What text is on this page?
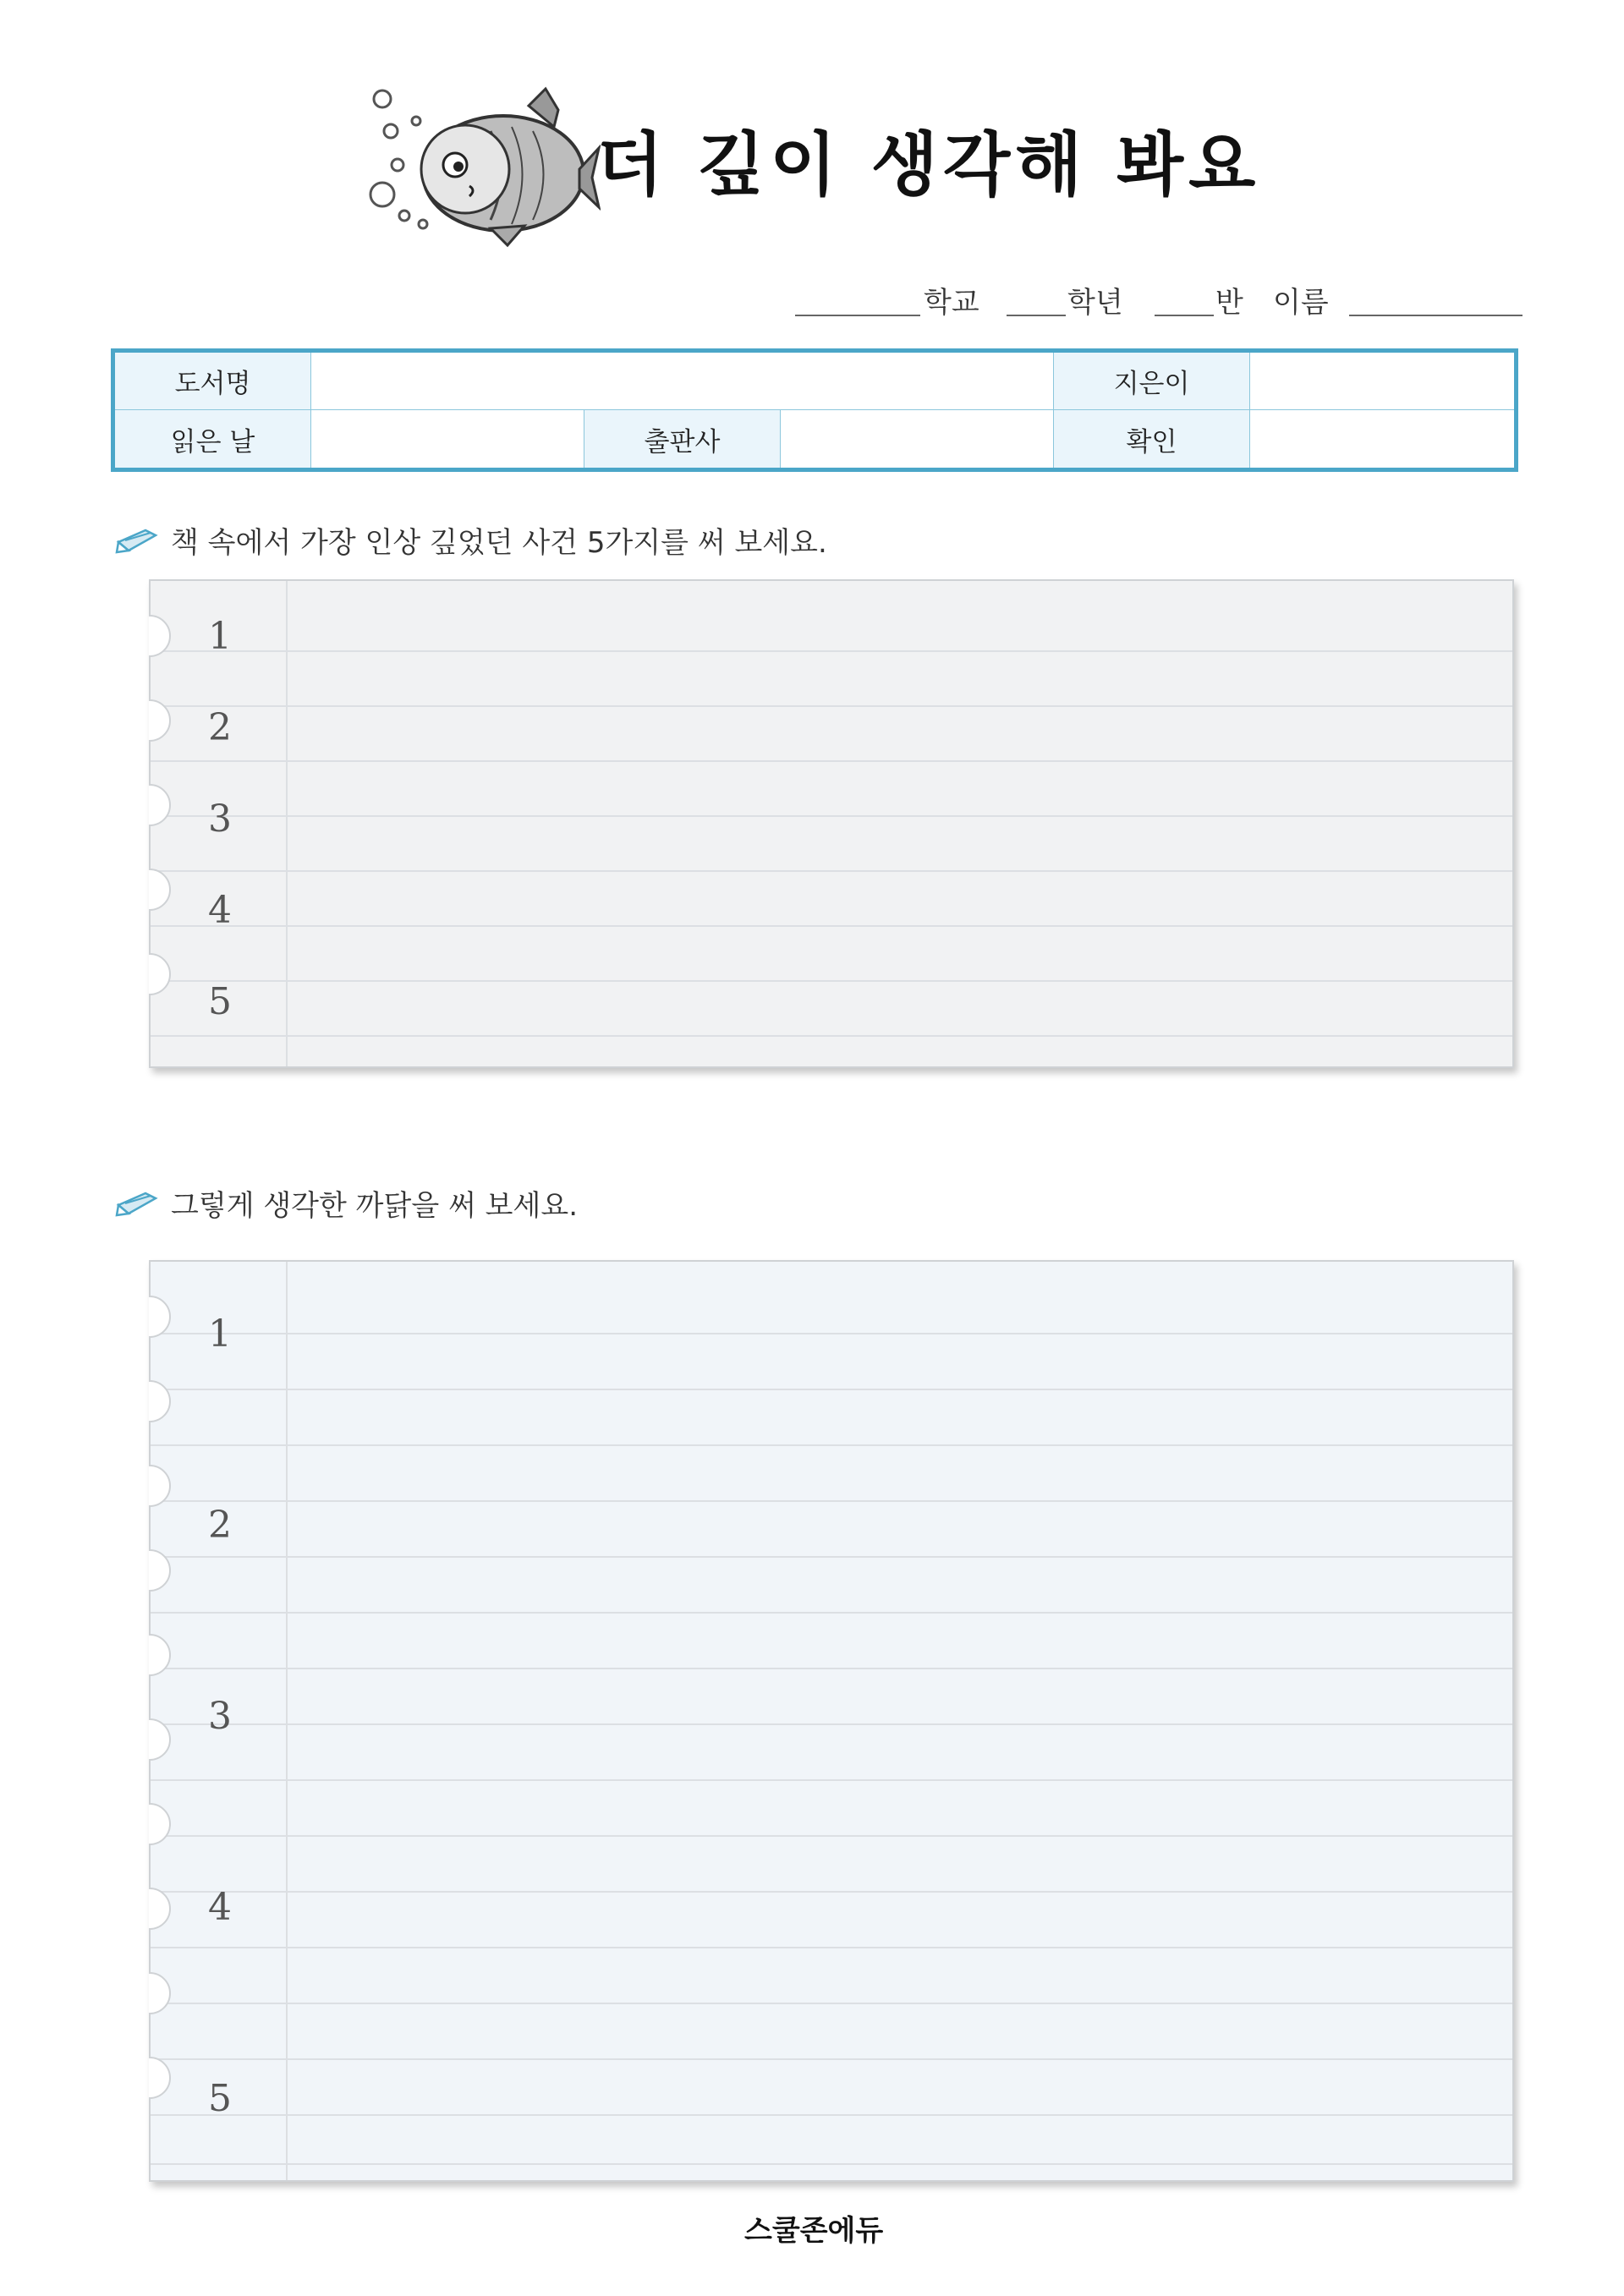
더 깊이 생각해 봐요
학교	학년	반 이름
도서명	지은이
읽은 날	출판사	확인
책 속에서 가장 인상 깊었던 사건 5가지를 써 보세요.
1
2
3
4
5
그렇게 생각한 까닭을 써 보세요.
1
2
3
4
5
스쿨존에듀
